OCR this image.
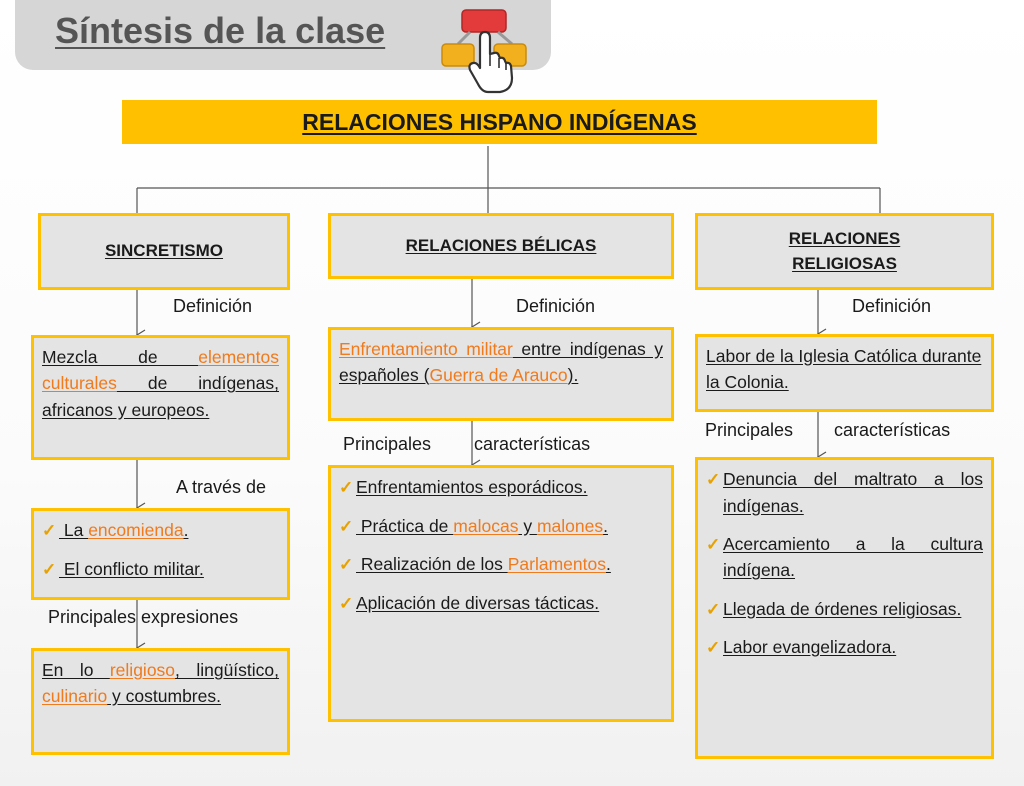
Síntesis de la clase
RELACIONES HISPANO INDÍGENAS
SINCRETISMO
Definición
Mezcla de elementos culturales de indígenas, africanos y europeos.
A través de
✓ La encomienda.
✓ El conflicto militar.
Principales expresiones
En lo religioso, lingüístico, culinario y costumbres.
RELACIONES BÉLICAS
Definición
Enfrentamiento militar entre indígenas y españoles (Guerra de Arauco).
Principales características
✓ Enfrentamientos esporádicos.
✓ Práctica de malocas y malones.
✓ Realización de los Parlamentos.
✓ Aplicación de diversas tácticas.
RELACIONES RELIGIOSAS
Definición
Labor de la Iglesia Católica durante la Colonia.
Principales características
✓ Denuncia del maltrato a los indígenas.
✓ Acercamiento a la cultura indígena.
✓ Llegada de órdenes religiosas.
✓ Labor evangelizadora.
